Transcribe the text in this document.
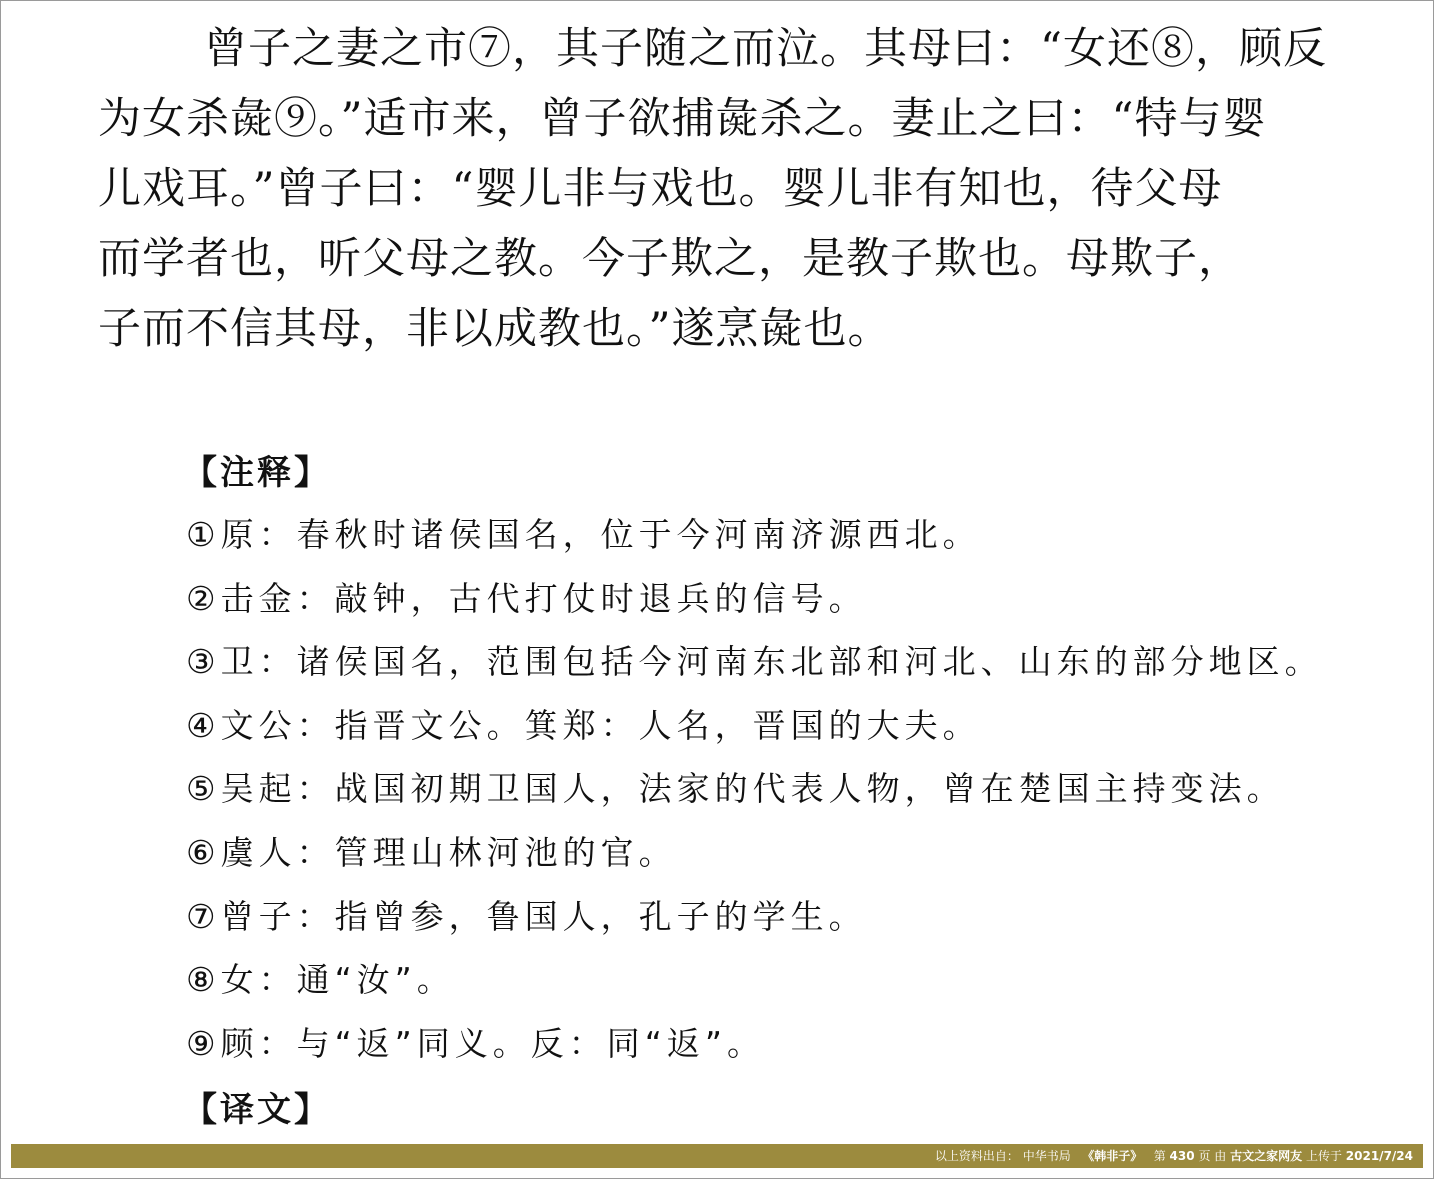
曾子之妻之市⑦，其子随之而泣。其母曰：“女还⑧，顾反
为女杀彘⑨。”适市来，曾子欲捕彘杀之。妻止之曰：“特与婴
儿戏耳。”曾子曰：“婴儿非与戏也。婴儿非有知也，待父母
而学者也，听父母之教。今子欺之，是教子欺也。母欺子，
子而不信其母，非以成教也。”遂烹彘也。
【注释】
①原：春秋时诸侯国名，位于今河南济源西北。
②击金：敲钟，古代打仗时退兵的信号。
③卫：诸侯国名，范围包括今河南东北部和河北、山东的部分地区。
④文公：指晋文公。箕郑：人名，晋国的大夫。
⑤吴起：战国初期卫国人，法家的代表人物，曾在楚国主持变法。
⑥虞人：管理山林河池的官。
⑦曾子：指曾参，鲁国人，孔子的学生。
⑧女：通“汝”。
⑨顾：与“返”同义。反：同“返”。
【译文】
以上资料出自： 中华书局 《韩非子》 第 430 页 由 古文之家网友 上传于 2021/7/24
